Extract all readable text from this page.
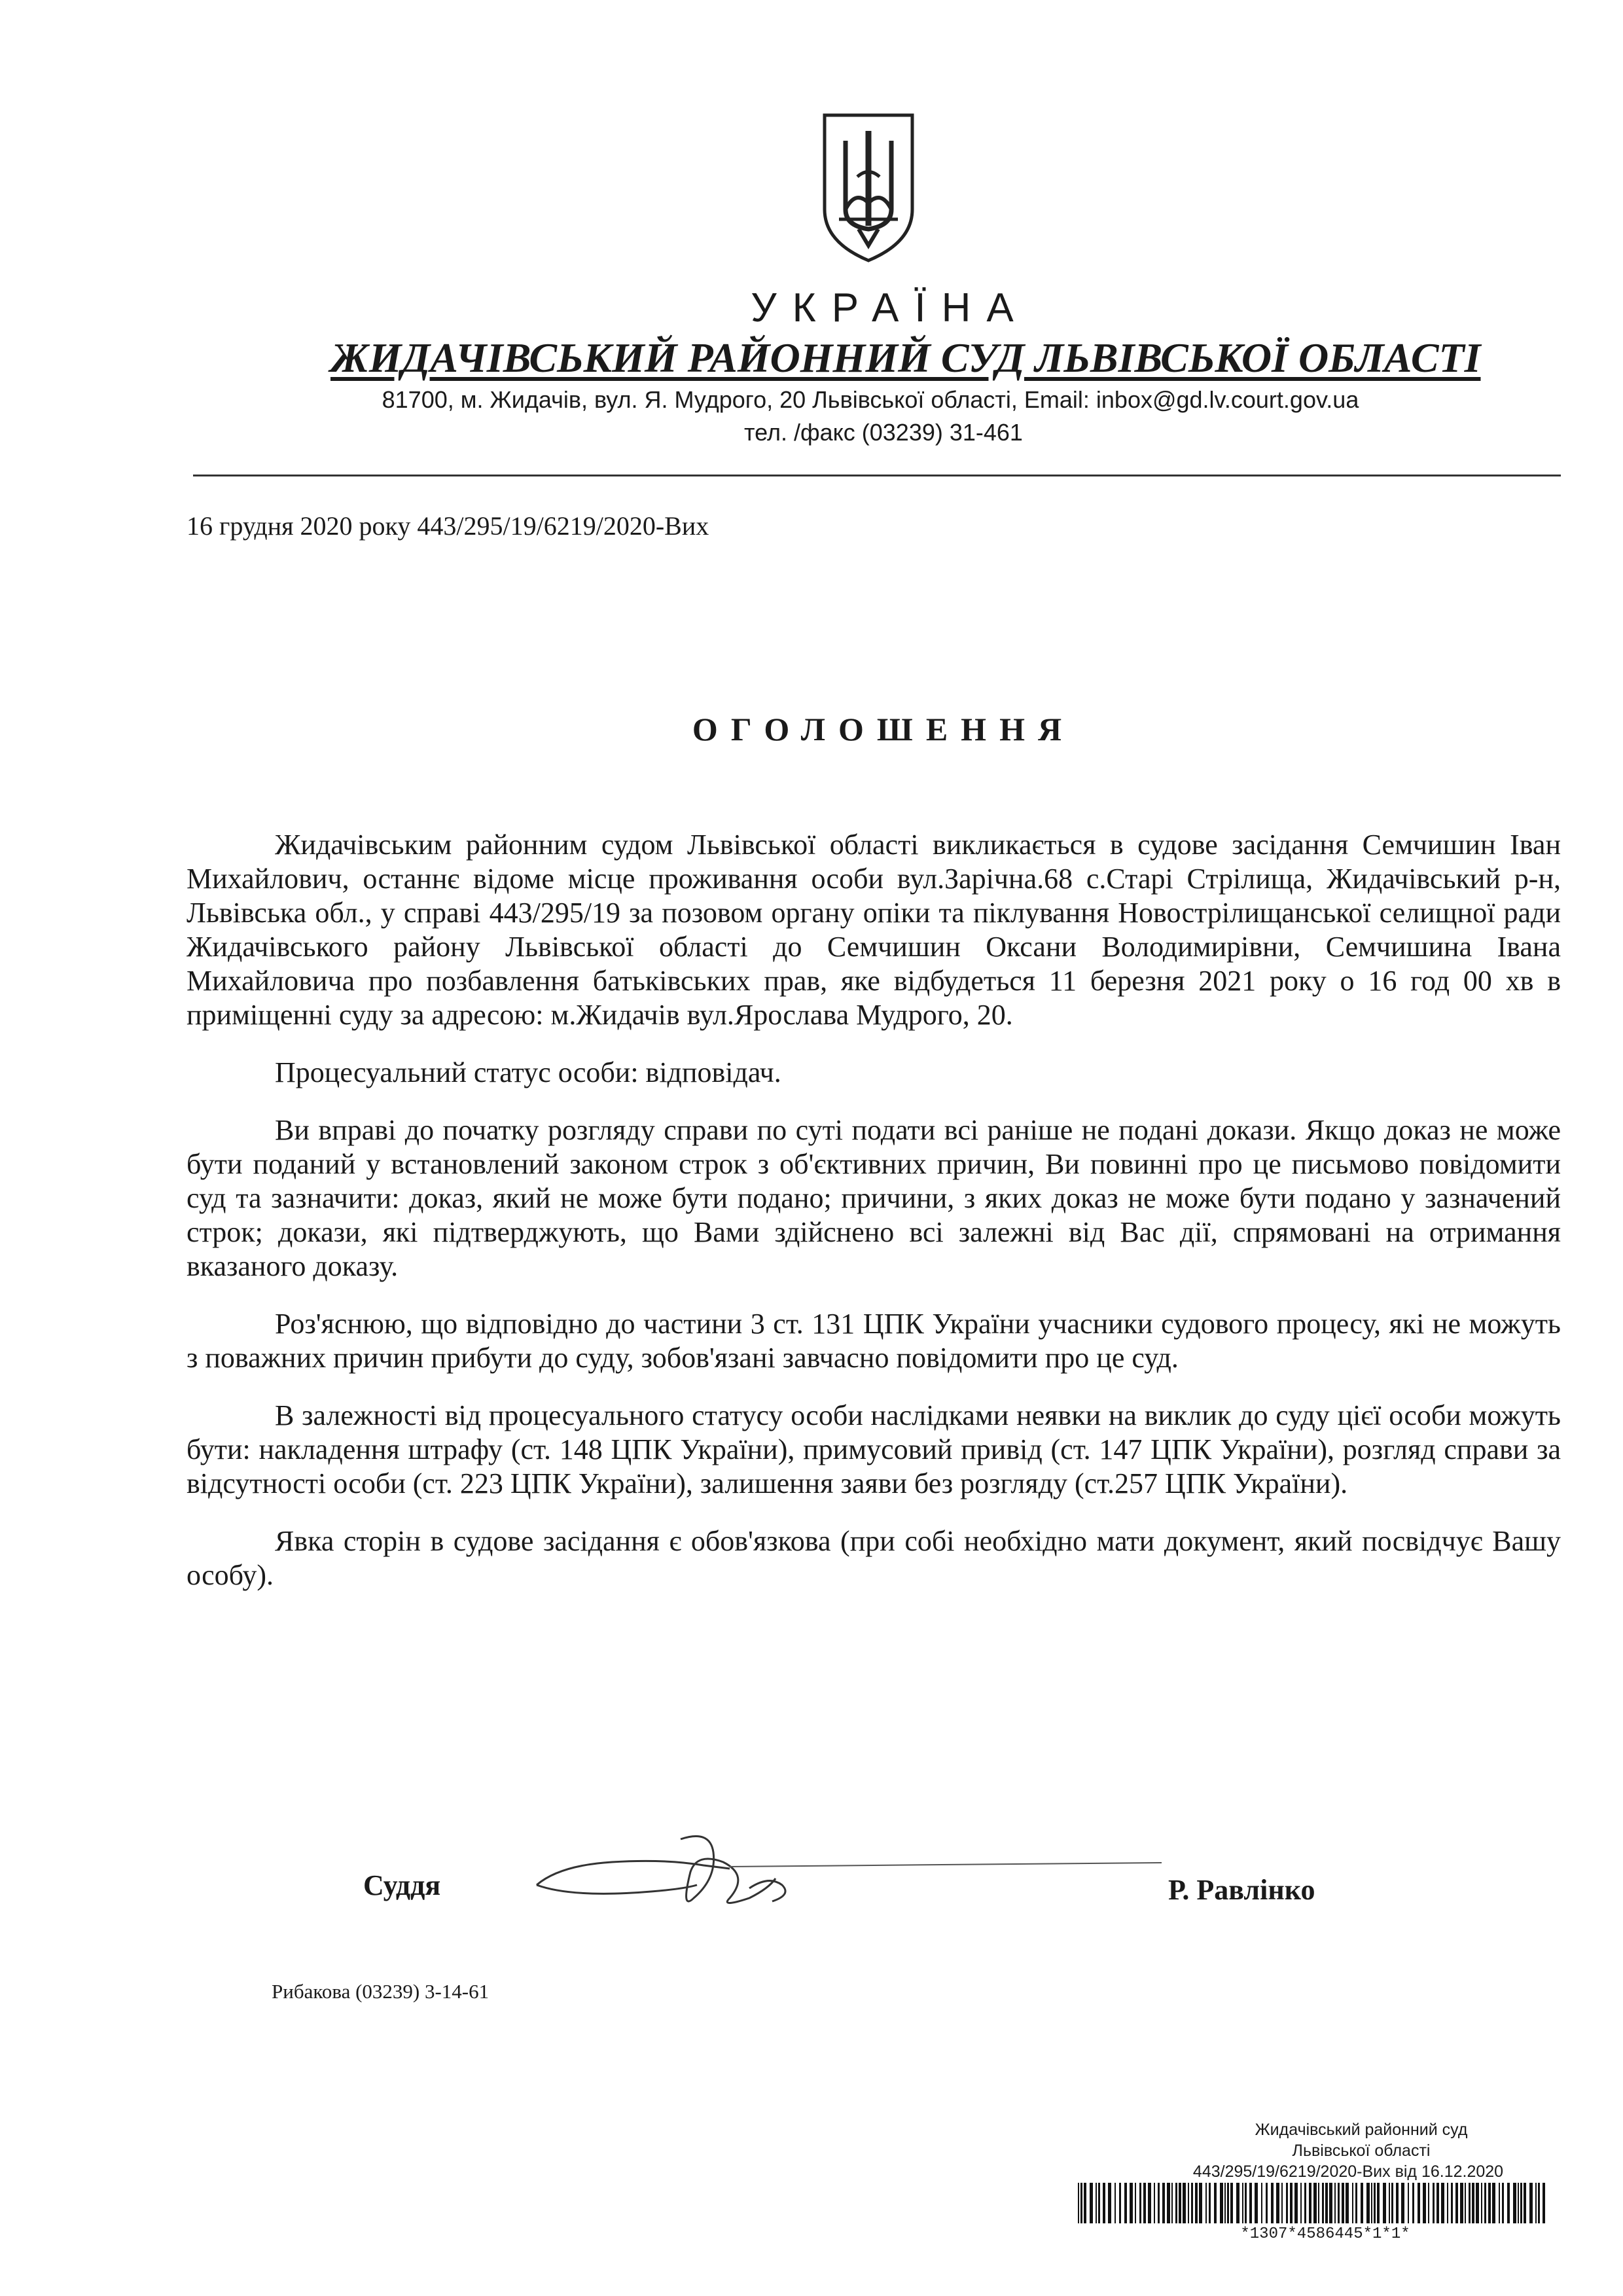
УКРАЇНА
ЖИДАЧІВСЬКИЙ РАЙОННИЙ СУД ЛЬВІВСЬКОЇ ОБЛАСТІ
81700, м. Жидачів, вул. Я. Мудрого, 20 Львівської області, Email: inbox@gd.lv.court.gov.ua
тел. /факс (03239) 31-461
16 грудня 2020 року 443/295/19/6219/2020-Вих
ОГОЛОШЕННЯ

Жидачівським районним судом Львівської області викликається в судове засідання Семчишин Іван Михайлович, останнє відоме місце проживання особи вул.Зарічна.68 с.Старі Стрілища, Жидачівський р-н, Львівська обл., у справі 443/295/19 за позовом органу опіки та піклування Новострілищанської селищної ради Жидачівського району Львівської області до Семчишин Оксани Володимирівни, Семчишина Івана Михайловича про позбавлення батьківських прав, яке відбудеться 11 березня 2021 року о 16 год 00 хв в приміщенні суду за адресою: м.Жидачів вул.Ярослава Мудрого, 20.

Процесуальний статус особи: відповідач.

Ви вправі до початку розгляду справи по суті подати всі раніше не подані докази. Якщо доказ не може бути поданий у встановлений законом строк з об'єктивних причин, Ви повинні про це письмово повідомити суд та зазначити: доказ, який не може бути подано; причини, з яких доказ не може бути подано у зазначений строк; докази, які підтверджують, що Вами здійснено всі залежні від Вас дії, спрямовані на отримання вказаного доказу.

Роз'яснюю, що відповідно до частини 3 ст. 131 ЦПК України учасники судового процесу, які не можуть з поважних причин прибути до суду, зобов'язані завчасно повідомити про це суд.

В залежності від процесуального статусу особи наслідками неявки на виклик до суду цієї особи можуть бути: накладення штрафу (ст. 148 ЦПК України), примусовий привід (ст. 147 ЦПК України), розгляд справи за відсутності особи (ст. 223 ЦПК України), залишення заяви без розгляду (ст.257 ЦПК України).

Явка сторін в судове засідання є обов'язкова (при собі необхідно мати документ, який посвідчує Вашу особу).

Суддя	Р. Равлінко
Рибакова (03239) 3-14-61
Жидачівський районний суд
Львівської області
443/295/19/6219/2020-Вих від 16.12.2020
*1307*4586445*1*1*
